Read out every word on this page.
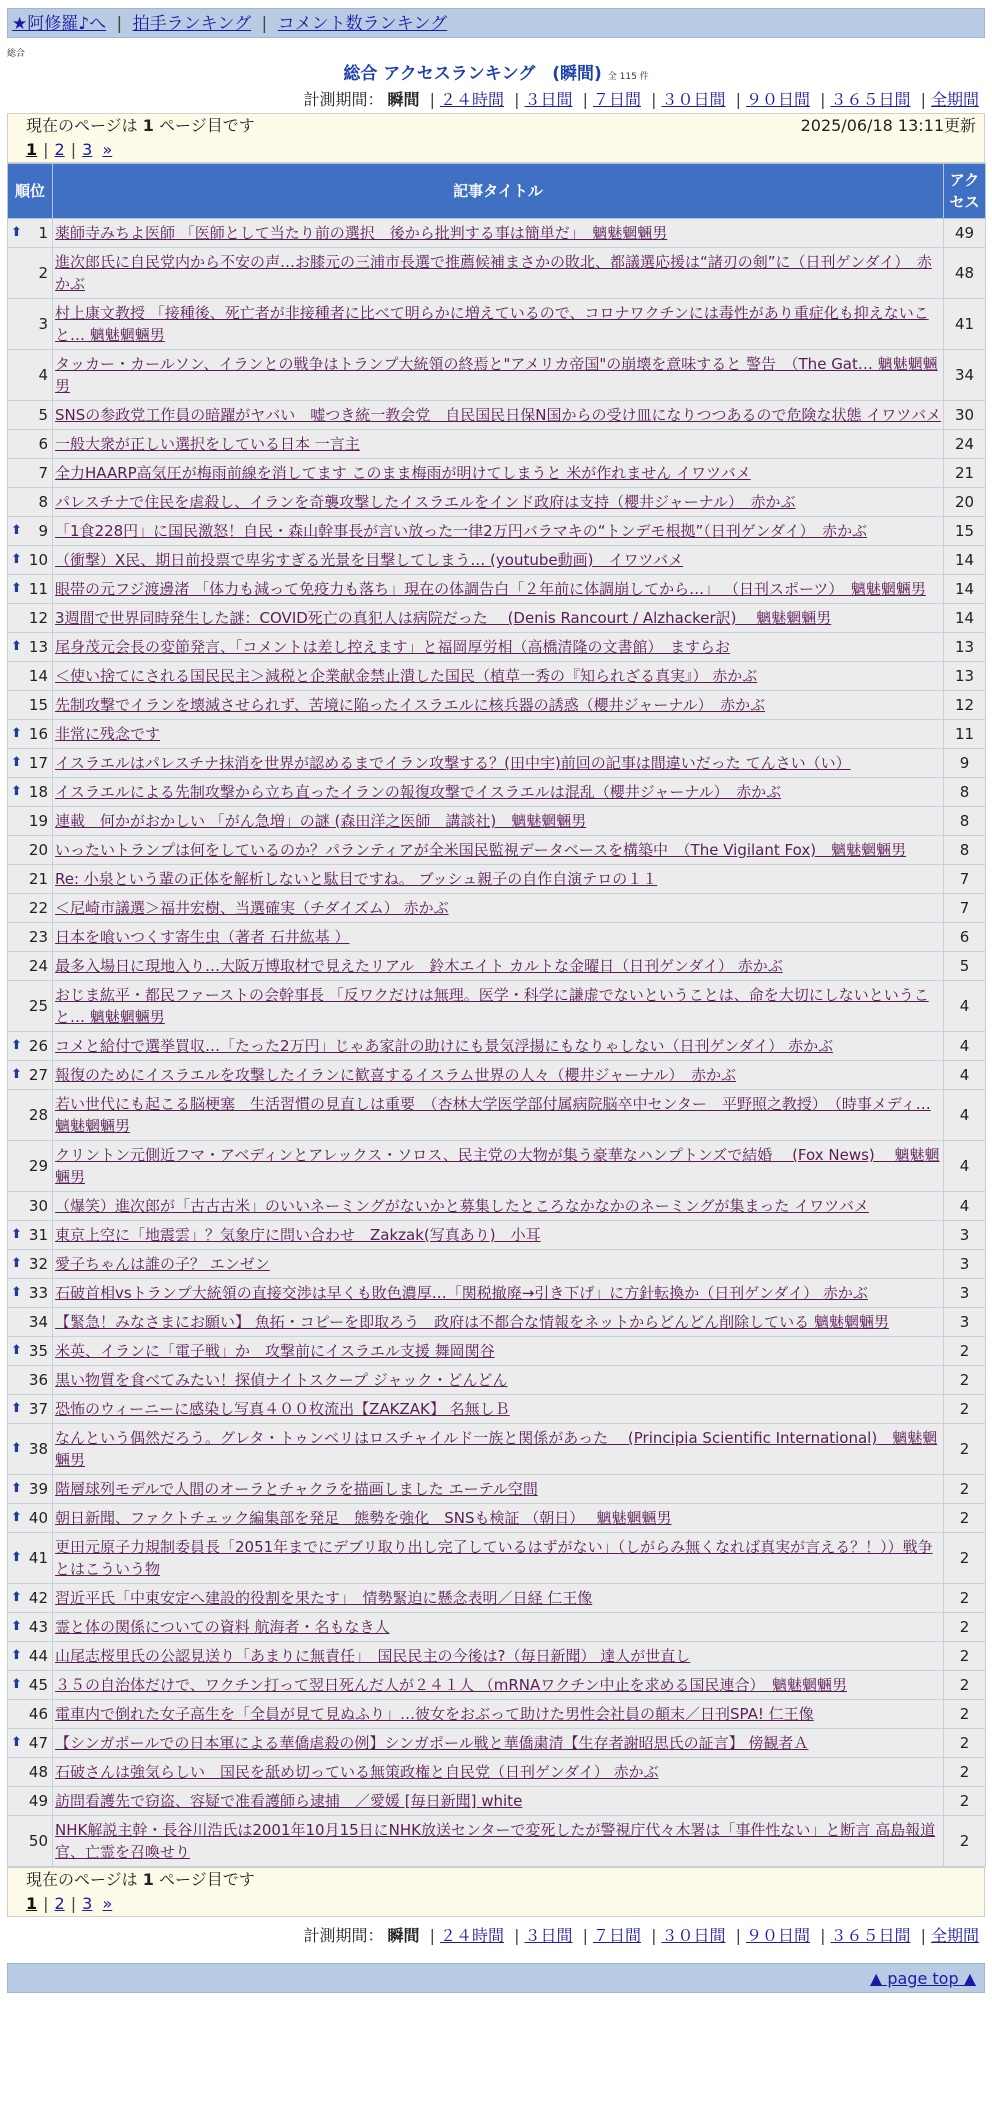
★阿修羅♪へ | 拍手ランキング | コメント数ランキング
総合
総合 アクセスランキング　(瞬間) 全 115 件
計測期間： 瞬間 | ２４時間 | ３日間 | ７日間 | ３０日間 | ９０日間 | ３６５日間 | 全期間
現在のページは 1 ページ目です	2025/06/18 13:11更新
1 | 2 | 3 »
順位	記事タイトル	アクセス

⬆ 1	薬師寺みちよ医師 「医師として当たり前の選択　後から批判する事は簡単だ」　魑魅魍魎男	49
2	進次郎氏に自民党内から不安の声…お膝元の三浦市長選で推薦候補まさかの敗北、都議選応援は“諸刃の剣”に（日刊ゲンダイ）　赤かぶ	48
3	村上康文教授 「接種後、死亡者が非接種者に比べて明らかに増えているので、コロナワクチンには毒性があり重症化も抑えないこと… 魑魅魍魎男	41
4	タッカー・カールソン、イランとの戦争はトランプ大統領の終焉と"アメリカ帝国"の崩壊を意味すると 警告　（The Gat… 魑魅魍魎男	34
5	SNSの参政党工作員の暗躍がヤバい　嘘つき統一教会党　自民国民日保N国からの受け皿になりつつあるので危険な状態 イワツバメ	30
6	一般大衆が正しい選択をしている日本 一言主	24
7	全力HAARP高気圧が梅雨前線を消してます このまま梅雨が明けてしまうと 米が作れません イワツバメ	21
8	パレスチナで住民を虐殺し、イランを奇襲攻撃したイスラエルをインド政府は支持（櫻井ジャーナル）　赤かぶ	20

⬆ 9	「1食228円」に国民激怒！自民・森山幹事長が言い放った一律2万円バラマキの“トンデモ根拠”（日刊ゲンダイ）　赤かぶ	15

⬆ 10	（衝撃）X民、期日前投票で卑劣すぎる光景を目撃してしまう… (youtube動画)　イワツバメ	14

⬆ 11	眼帯の元フジ渡邊渚 「体力も減って免疫力も落ち」現在の体調告白「２年前に体調崩してから…」 （日刊スポーツ）　魑魅魍魎男	14
12	3週間で世界同時発生した謎：COVID死亡の真犯人は病院だった　 (Denis Rancourt / Alzhacker訳)　 魑魅魍魎男	14

⬆ 13	尾身茂元会長の変節発言、「コメントは差し控えます」と福岡厚労相（高橋清隆の文書館）　ますらお	13
14	＜使い捨てにされる国民民主＞減税と企業献金禁止潰した国民（植草一秀の『知られざる真実』） 赤かぶ	13
15	先制攻撃でイランを壊滅させられず、苦境に陥ったイスラエルに核兵器の誘惑（櫻井ジャーナル）　赤かぶ	12

⬆ 16	非常に残念です	11

⬆ 17	イスラエルはパレスチナ抹消を世界が認めるまでイラン攻撃する？(田中宇)前回の記事は間違いだった てんさい（い）	9

⬆ 18	イスラエルによる先制攻撃から立ち直ったイランの報復攻撃でイスラエルは混乱（櫻井ジャーナル）　赤かぶ	8
19	連載　何かがおかしい 「がん急増」の謎 (森田洋之医師　講談社)　魑魅魍魎男	8
20	いったいトランプは何をしているのか？パランティアが全米国民監視データベースを構築中　（The Vigilant Fox)　魑魅魍魎男	8
21	Re: 小泉という輩の正体を解析しないと駄目ですね。 ブッシュ親子の自作自演テロの１１	7
22	＜尼崎市議選＞福井宏樹、当選確実（チダイズム） 赤かぶ	7
23	日本を喰いつくす寄生虫（著者 石井紘基 ）	6
24	最多入場日に現地入り…大阪万博取材で見えたリアル　鈴木エイト カルトな金曜日（日刊ゲンダイ） 赤かぶ	5
25	おじま紘平・都民ファーストの会幹事長 「反ワクだけは無理。医学・科学に謙虚でないということは、命を大切にしないということ… 魑魅魍魎男	4

⬆ 26	コメと給付で選挙買収…「たった2万円」じゃあ家計の助けにも景気浮揚にもなりゃしない（日刊ゲンダイ） 赤かぶ	4

⬆ 27	報復のためにイスラエルを攻撃したイランに歓喜するイスラム世界の人々（櫻井ジャーナル）　赤かぶ	4
28	若い世代にも起こる脳梗塞　生活習慣の見直しは重要　（杏林大学医学部付属病院脳卒中センター　平野照之教授）　（時事メディ… 魑魅魍魎男	4
29	クリントン元側近フマ・アベディンとアレックス・ソロス、民主党の大物が集う豪華なハンプトンズで結婚　 (Fox News)　 魑魅魍魎男	4
30	（爆笑）進次郎が「古古古米」のいいネーミングがないかと募集したところなかなかのネーミングが集まった イワツバメ	4

⬆ 31	東京上空に「地震雲」？気象庁に問い合わせ　Zakzak(写真あり)　小耳	3

⬆ 32	愛子ちゃんは誰の子？ エンゼン	3

⬆ 33	石破首相vsトランプ大統領の直接交渉は早くも敗色濃厚…「関税撤廃→引き下げ」に方針転換か（日刊ゲンダイ） 赤かぶ	3
34	【緊急！みなさまにお願い】 魚拓・コピーを即取ろう　政府は不都合な情報をネットからどんどん削除している 魑魅魍魎男	3

⬆ 35	米英、イランに「電子戦」か　攻撃前にイスラエル支援 舞岡関谷	2
36	黒い物質を食べてみたい！探偵ナイトスクープ ジャック・どんどん	2

⬆ 37	恐怖のウィーニーに感染し写真４００枚流出【ZAKZAK】 名無しＢ	2

⬆ 38	なんという偶然だろう。グレタ・トゥンベリはロスチャイルド一族と関係があった　 (Principia Scientific International)　魑魅魍魎男	2

⬆ 39	階層球列モデルで人間のオーラとチャクラを描画しました エーテル空間	2

⬆ 40	朝日新聞、ファクトチェック編集部を発足　態勢を強化　SNSも検証 （朝日）　 魑魅魍魎男	2

⬆ 41	更田元原子力規制委員長「2051年までにデブリ取り出し完了しているはずがない」（しがらみ無くなれば真実が言える？！））戦争とはこういう物	2

⬆ 42	習近平氏「中東安定へ建設的役割を果たす」　情勢緊迫に懸念表明／日経 仁王像	2

⬆ 43	霊と体の関係についての資料 航海者・名もなき人	2

⬆ 44	山尾志桜里氏の公認見送り「あまりに無責任」　国民民主の今後は?（毎日新聞） 達人が世直し	2

⬆ 45	３５の自治体だけで、ワクチン打って翌日死んだ人が２４１人 （mRNAワクチン中止を求める国民連合）　魑魅魍魎男	2
46	電車内で倒れた女子高生を「全員が見て見ぬふり」…彼女をおぶって助けた男性会社員の顛末／日刊SPA! 仁王像	2

⬆ 47	【シンガポールでの日本軍による華僑虐殺の例】シンガポール戦と華僑粛清【生存者謝昭思氏の証言】 傍観者Ａ	2
48	石破さんは強気らしい　国民を舐め切っている無策政権と自民党（日刊ゲンダイ） 赤かぶ	2
49	訪問看護先で窃盗、容疑で准看護師ら逮捕　／愛媛 [毎日新聞] white	2
50	NHK解説主幹・長谷川浩氏は2001年10月15日にNHK放送センターで変死したが警視庁代々木署は「事件性ない」と断言 高島報道官、亡霊を召喚せり	2
現在のページは 1 ページ目です
1 | 2 | 3 »
計測期間： 瞬間 | ２４時間 | ３日間 | ７日間 | ３０日間 | ９０日間 | ３６５日間 | 全期間
▲ page top ▲
